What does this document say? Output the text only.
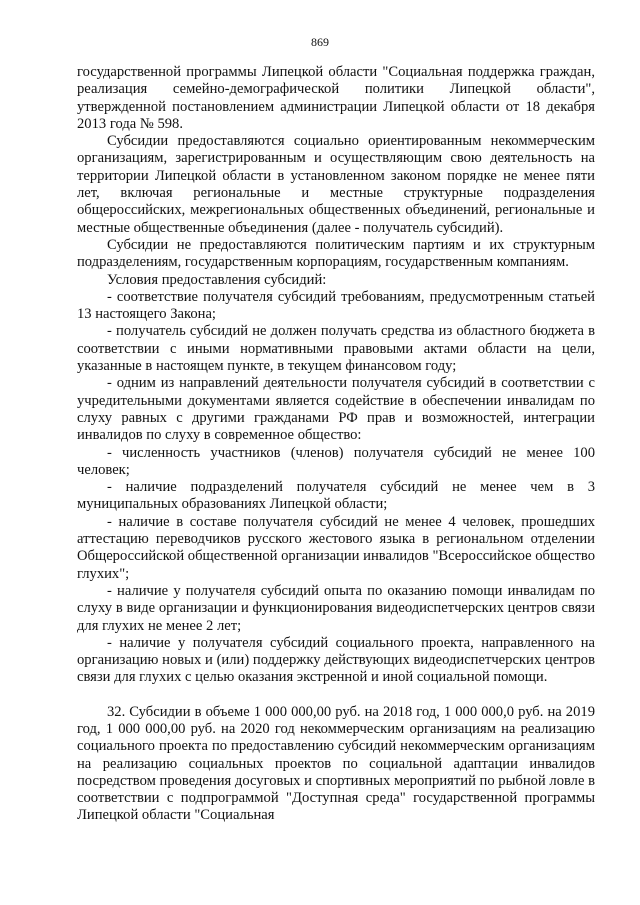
869

государственной программы Липецкой области "Социальная поддержка граждан, реализация семейно-демографической политики Липецкой области", утвержденной постановлением администрации Липецкой области от 18 декабря 2013 года № 598.

Субсидии предоставляются социально ориентированным некоммерческим организациям, зарегистрированным и осуществляющим свою деятельность на территории Липецкой области в установленном законом порядке не менее пяти лет, включая региональные и местные структурные подразделения общероссийских, межрегиональных общественных объединений, региональные и местные общественные объединения (далее - получатель субсидий).

Субсидии не предоставляются политическим партиям и их структурным подразделениям, государственным корпорациям, государственным компаниям.

Условия предоставления субсидий:

- соответствие получателя субсидий требованиям, предусмотренным статьей 13 настоящего Закона;

- получатель субсидий не должен получать средства из областного бюджета в соответствии с иными нормативными правовыми актами области на цели, указанные в настоящем пункте, в текущем финансовом году;

- одним из направлений деятельности получателя субсидий в соответствии с учредительными документами является содействие в обеспечении инвалидам по слуху равных с другими гражданами РФ прав и возможностей, интеграции инвалидов по слуху в современное общество:

- численность участников (членов) получателя субсидий не менее 100 человек;

- наличие подразделений получателя субсидий не менее чем в 3 муниципальных образованиях Липецкой области;

- наличие в составе получателя субсидий не менее 4 человек, прошедших аттестацию переводчиков русского жестового языка в региональном отделении Общероссийской общественной организации инвалидов "Всероссийское общество глухих";

- наличие у получателя субсидий опыта по оказанию помощи инвалидам по слуху в виде организации и функционирования видеодиспетчерских центров связи для глухих не менее 2 лет;

- наличие у получателя субсидий социального проекта, направленного на организацию новых и (или) поддержку действующих видеодиспетчерских центров связи для глухих с целью оказания экстренной и иной социальной помощи.

32. Субсидии в объеме 1 000 000,00 руб. на 2018 год, 1 000 000,0 руб. на 2019 год, 1 000 000,00 руб. на 2020 год некоммерческим организациям на реализацию социального проекта по предоставлению субсидий некоммерческим организациям на реализацию социальных проектов по социальной адаптации инвалидов посредством проведения досуговых и спортивных мероприятий по рыбной ловле в соответствии с подпрограммой "Доступная среда" государственной программы Липецкой области "Социальная
